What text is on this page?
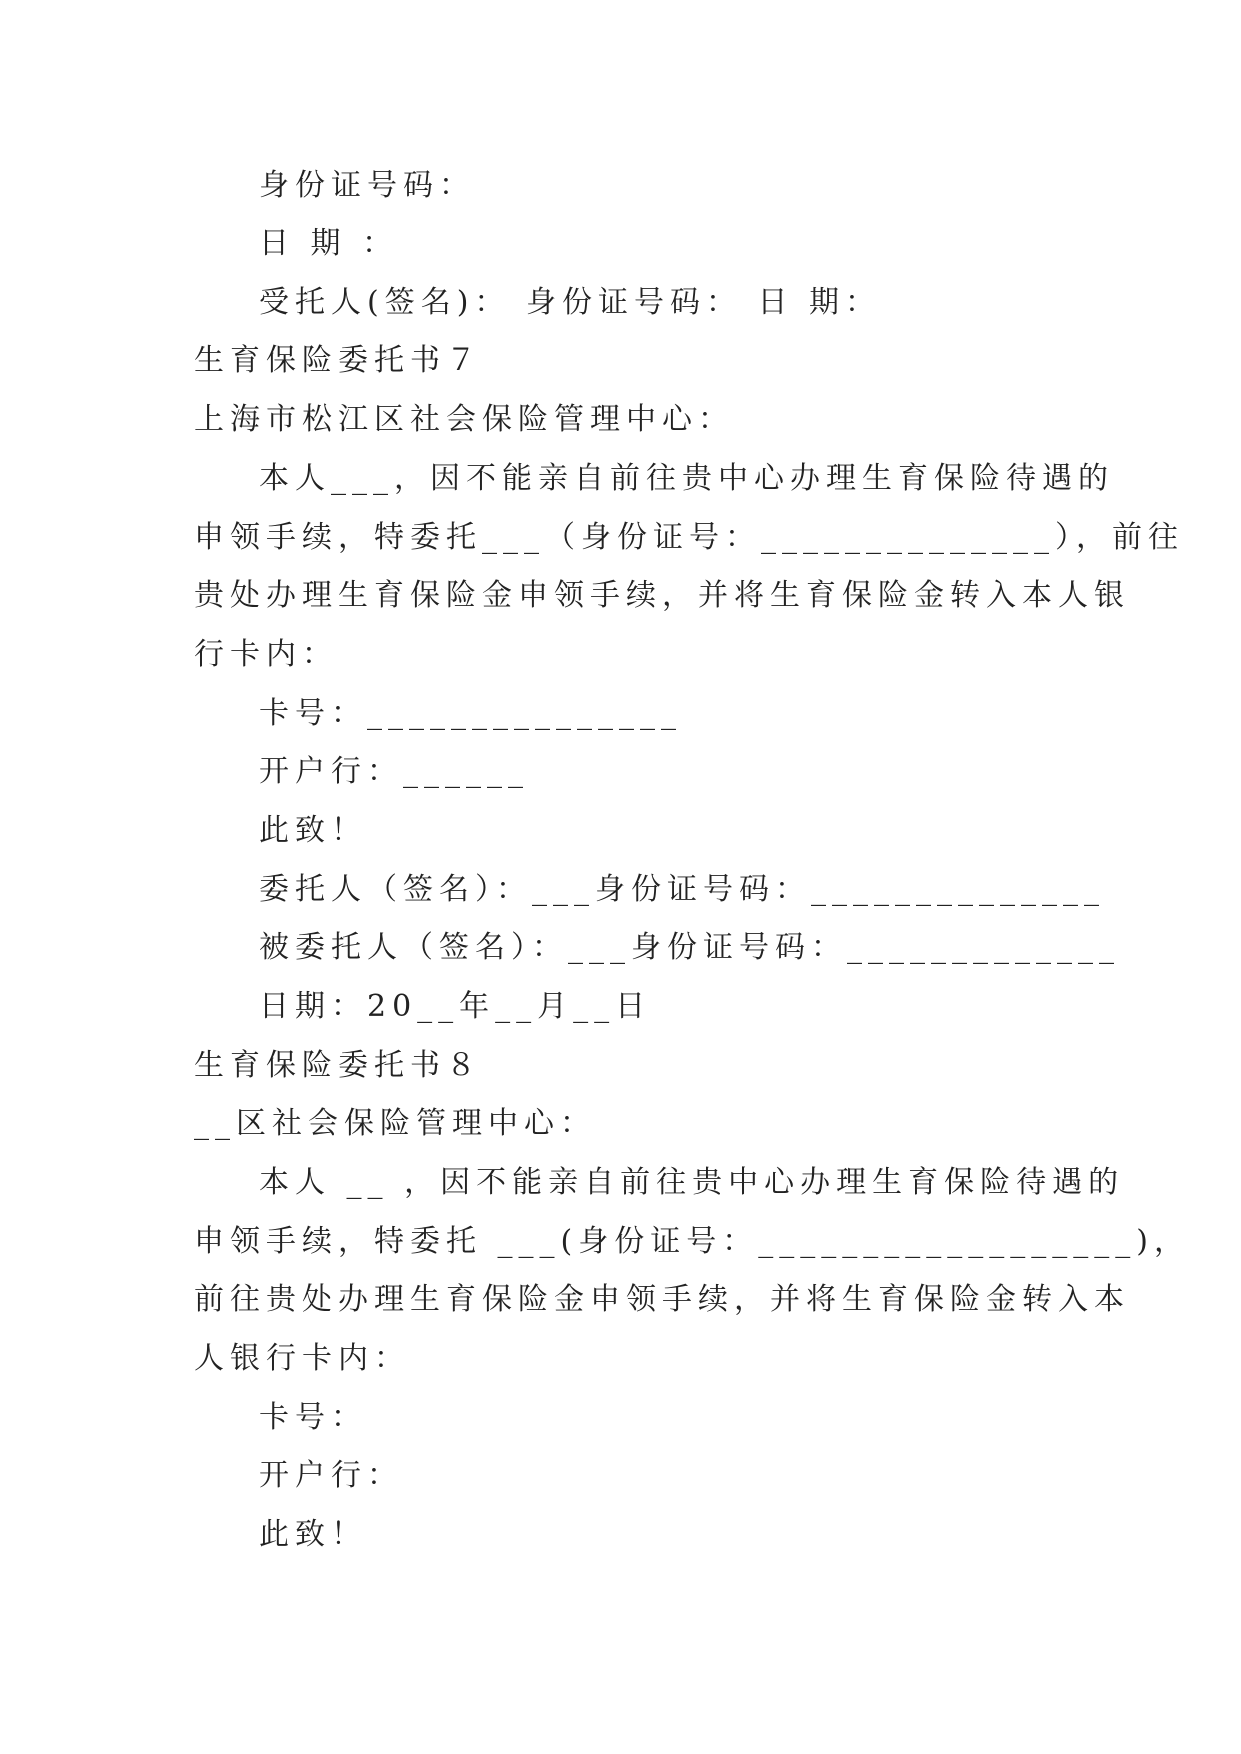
身份证号码：
日 期 ：
受托人(签名)： 身份证号码： 日 期：
生育保险委托书７
上海市松江区社会保险管理中心：
本人___，因不能亲自前往贵中心办理生育保险待遇的
申领手续，特委托___（身份证号：______________），前往
贵处办理生育保险金申领手续，并将生育保险金转入本人银
行卡内：
卡号：_______________
开户行：______
此致！
委托人（签名）：___身份证号码：______________
被委托人（签名）：___身份证号码：_____________
日期：20__年__月__日
生育保险委托书８
__区社会保险管理中心：
本人 __ ，因不能亲自前往贵中心办理生育保险待遇的
申领手续，特委托 ___(身份证号：__________________)，
前往贵处办理生育保险金申领手续，并将生育保险金转入本
人银行卡内：
卡号：
开户行：
此致！
